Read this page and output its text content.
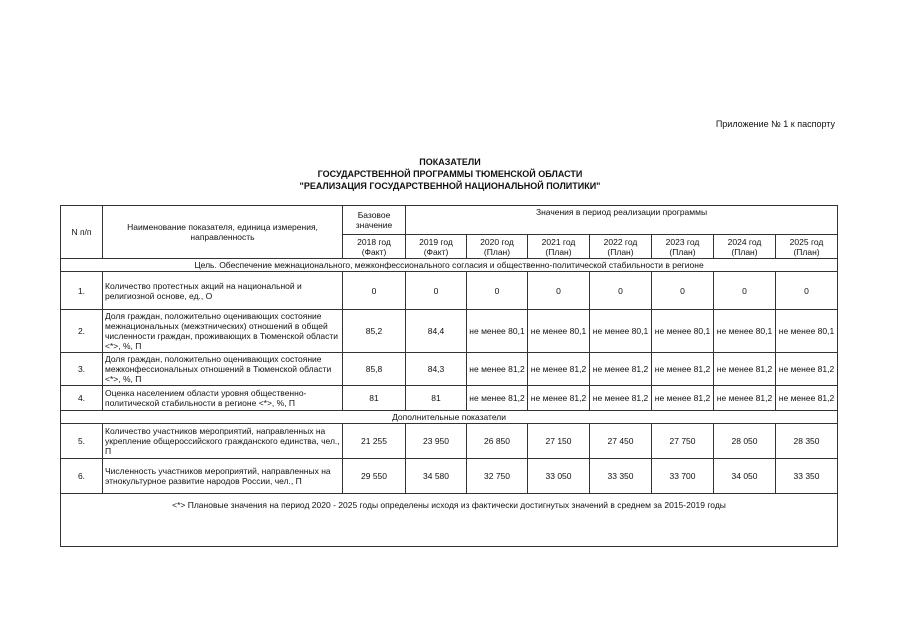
Приложение № 1 к паспорту
ПОКАЗАТЕЛИ
ГОСУДАРСТВЕННОЙ ПРОГРАММЫ ТЮМЕНСКОЙ ОБЛАСТИ
"РЕАЛИЗАЦИЯ ГОСУДАРСТВЕННОЙ НАЦИОНАЛЬНОЙ ПОЛИТИКИ"
N п/п	Наименование показателя, единица измерения, направленность	Базовое значение	Значения в период реализации программы						
		2018 год (Факт)	2019 год (Факт)	2020 год (План)	2021 год (План)	2022 год (План)	2023 год (План)	2024 год (План)	2025 год (План)
Цель. Обеспечение межнационального, межконфессионального согласия и общественно-политической стабильности в регионе									
1.	Количество протестных акций на национальной и религиозной основе, ед., О	0	0	0	0	0	0	0	0
2.	Доля граждан, положительно оценивающих состояние межнациональных (межэтнических) отношений в общей численности граждан, проживающих в Тюменской области <*>, %, П	85,2	84,4	не менее 80,1	не менее 80,1	не менее 80,1	не менее 80,1	не менее 80,1	не менее 80,1
3.	Доля граждан, положительно оценивающих состояние межконфессиональных отношений в Тюменской области <*>, %, П	85,8	84,3	не менее 81,2	не менее 81,2	не менее 81,2	не менее 81,2	не менее 81,2	не менее 81,2
4.	Оценка населением области уровня общественно-политической стабильности в регионе <*>, %, П	81	81	не менее 81,2	не менее 81,2	не менее 81,2	не менее 81,2	не менее 81,2	не менее 81,2
Дополнительные показатели									
5.	Количество участников мероприятий, направленных на укрепление общероссийского гражданского единства, чел., П	21 255	23 950	26 850	27 150	27 450	27 750	28 050	28 350
6.	Численность участников мероприятий, направленных на этнокультурное развитие народов России, чел., П	29 550	34 580	32 750	33 050	33 350	33 700	34 050	33 350
<*> Плановые значения на период 2020 - 2025 годы определены исходя из фактически достигнутых значений в среднем за 2015-2019 годы									
